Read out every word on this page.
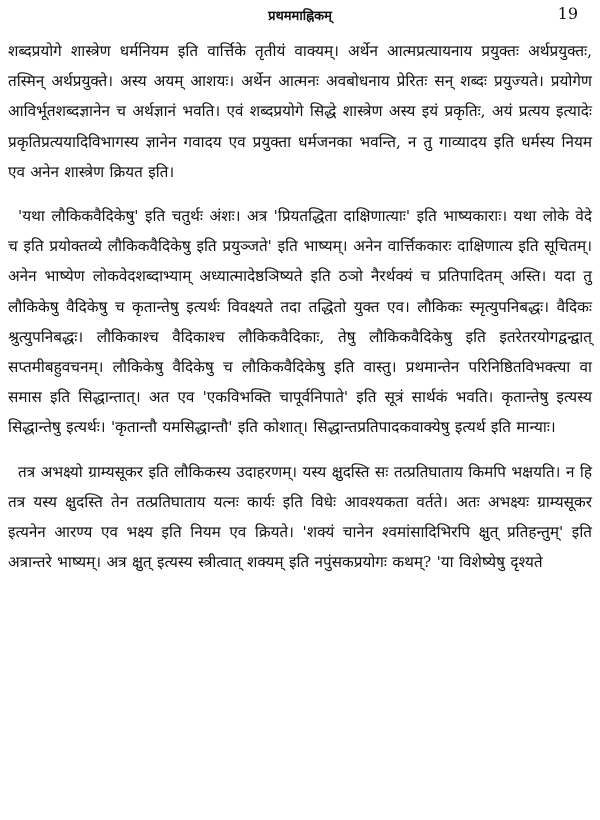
प्रथममाह्निकम्	19

शब्दप्रयोगे शास्त्रेण धर्मनियम इति वार्त्तिके तृतीयं वाक्यम्। अर्थेन आत्मप्रत्यायनाय प्रयुक्तः अर्थप्रयुक्तः, तस्मिन् अर्थप्रयुक्ते। अस्य अयम् आशयः। अर्थेन आत्मनः अवबोधनाय प्रेरितः सन् शब्दः प्रयुज्यते। प्रयोगेण आविर्भूतशब्दज्ञानेन च अर्थज्ञानं भवति। एवं शब्दप्रयोगे सिद्धे शास्त्रेण अस्य इयं प्रकृतिः, अयं प्रत्यय इत्यादेः प्रकृतिप्रत्ययादिविभागस्य ज्ञानेन गवादय एव प्रयुक्ता धर्मजनका भवन्ति, न तु गाव्यादय इति धर्मस्य नियम एव अनेन शास्त्रेण क्रियत इति।

'यथा लौकिकवैदिकेषु' इति चतुर्थः अंशः। अत्र 'प्रियतद्धिता दाक्षिणात्याः' इति भाष्यकाराः। यथा लोके वेदे च इति प्रयोक्तव्ये लौकिकवैदिकेषु इति प्रयुञ्जते' इति भाष्यम्। अनेन वार्त्तिककारः दाक्षिणात्य इति सूचितम्। अनेन भाष्येण लोकवेदशब्दाभ्याम् अध्यात्मादेष्ठञिष्यते इति ठञो नैरर्थक्यं च प्रतिपादितम् अस्ति। यदा तु लौकिकेषु वैदिकेषु च कृतान्तेषु इत्यर्थः विवक्ष्यते तदा तद्धितो युक्त एव। लौकिकः स्मृत्युपनिबद्धः। वैदिकः श्रुत्युपनिबद्धः। लौकिकाश्च वैदिकाश्च लौकिकवैदिकाः, तेषु लौकिकवैदिकेषु इति इतरेतरयोगद्वन्द्वात् सप्तमीबहुवचनम्। लौकिकेषु वैदिकेषु च लौकिकवैदिकेषु इति वास्तु। प्रथमान्तेन परिनिष्ठितविभक्त्या वा समास इति सिद्धान्तात्। अत एव 'एकविभक्ति चापूर्वनिपाते' इति सूत्रं सार्थकं भवति। कृतान्तेषु इत्यस्य सिद्धान्तेषु इत्यर्थः। 'कृतान्तौ यमसिद्धान्तौ' इति कोशात्। सिद्धान्तप्रतिपादकवाक्येषु इत्यर्थ इति मान्याः।

तत्र अभक्ष्यो ग्राम्यसूकर इति लौकिकस्य उदाहरणम्। यस्य क्षुदस्ति सः तत्प्रतिघाताय किमपि भक्षयति। न हि तत्र यस्य क्षुदस्ति तेन तत्प्रतिघाताय यत्नः कार्यः इति विधेः आवश्यकता वर्तते। अतः अभक्ष्यः ग्राम्यसूकर इत्यनेन आरण्य एव भक्ष्य इति नियम एव क्रियते। 'शक्यं चानेन श्वमांसादिभिरपि क्षुत् प्रतिहन्तुम्' इति अत्रान्तरे भाष्यम्। अत्र क्षुत् इत्यस्य स्त्रीत्वात् शक्यम् इति नपुंसकप्रयोगः कथम्? 'या विशेष्येषु दृश्यते
